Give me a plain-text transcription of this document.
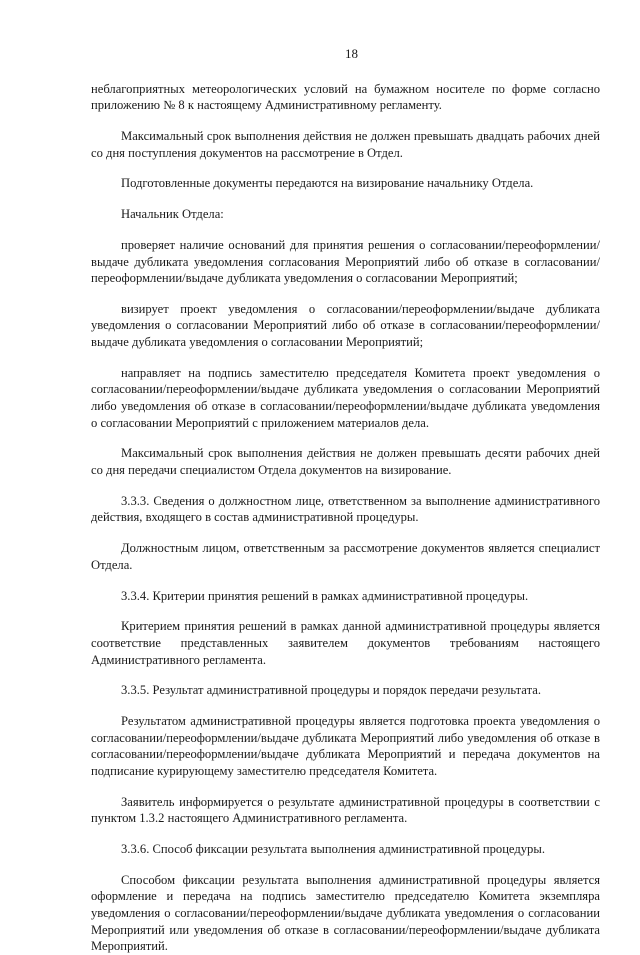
18

неблагоприятных метеорологических условий на бумажном носителе по форме согласно приложению № 8 к настоящему Административному регламенту.

Максимальный срок выполнения действия не должен превышать двадцать рабочих дней со дня поступления документов на рассмотрение в Отдел.

Подготовленные документы передаются на визирование начальнику Отдела.

Начальник Отдела:

проверяет наличие оснований для принятия решения о согласовании/переоформлении/выдаче дубликата уведомления согласования Мероприятий либо об отказе в согласовании/переоформлении/выдаче дубликата уведомления о согласовании Мероприятий;

визирует проект уведомления о согласовании/переоформлении/выдаче дубликата уведомления о согласовании Мероприятий либо об отказе в согласовании/переоформлении/выдаче дубликата уведомления о согласовании Мероприятий;

направляет на подпись заместителю председателя Комитета проект уведомления о согласовании/переоформлении/выдаче дубликата уведомления о согласовании Мероприятий либо уведомления об отказе в согласовании/переоформлении/выдаче дубликата уведомления о согласовании Мероприятий с приложением материалов дела.

Максимальный срок выполнения действия не должен превышать десяти рабочих дней со дня передачи специалистом Отдела документов на визирование.

3.3.3. Сведения о должностном лице, ответственном за выполнение административного действия, входящего в состав административной процедуры.

Должностным лицом, ответственным за рассмотрение документов является специалист Отдела.

3.3.4. Критерии принятия решений в рамках административной процедуры.

Критерием принятия решений в рамках данной административной процедуры является соответствие представленных заявителем документов требованиям настоящего Административного регламента.

3.3.5. Результат административной процедуры и порядок передачи результата.

Результатом административной процедуры является подготовка проекта уведомления о согласовании/переоформлении/выдаче дубликата Мероприятий либо уведомления об отказе в согласовании/переоформлении/выдаче дубликата Мероприятий и передача документов на подписание курирующему заместителю председателя Комитета.

Заявитель информируется о результате административной процедуры в соответствии с пунктом 1.3.2 настоящего Административного регламента.

3.3.6. Способ фиксации результата выполнения административной процедуры.

Способом фиксации результата выполнения административной процедуры является оформление и передача на подпись заместителю председателю Комитета экземпляра уведомления о согласовании/переоформлении/выдаче дубликата уведомления о согласовании Мероприятий или уведомления об отказе в согласовании/переоформлении/выдаче дубликата Мероприятий.
